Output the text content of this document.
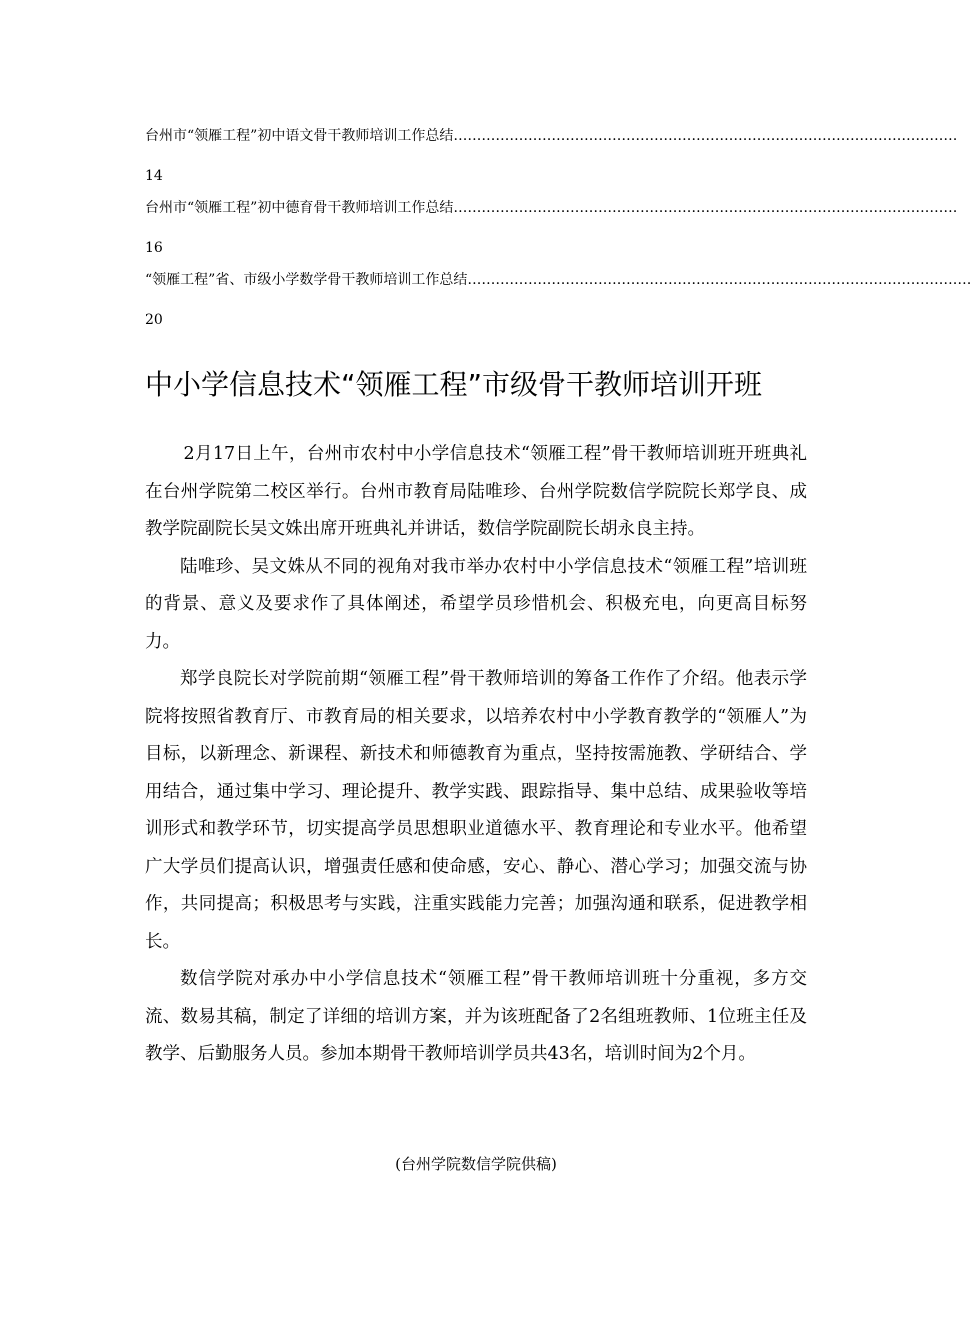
台州市“领雁工程”初中语文骨干教师培训工作总结 ………………………………………………………………………………………………
14
台州市“领雁工程”初中德育骨干教师培训工作总结 ………………………………………………………………………………………………
16
“领雁工程”省、市级小学数学骨干教师培训工作总结 ………………………………………………………………………………………………
20
中小学信息技术“领雁工程”市级骨干教师培训开班

2月17日上午，台州市农村中小学信息技术“领雁工程”骨干教师培训班开班典礼在台州学院第二校区举行。台州市教育局陆唯珍、台州学院数信学院院长郑学良、成教学院副院长吴文姝出席开班典礼并讲话，数信学院副院长胡永良主持。

陆唯珍、吴文姝从不同的视角对我市举办农村中小学信息技术“领雁工程”培训班的背景、意义及要求作了具体阐述，希望学员珍惜机会、积极充电，向更高目标努力。

郑学良院长对学院前期“领雁工程”骨干教师培训的筹备工作作了介绍。他表示学院将按照省教育厅、市教育局的相关要求，以培养农村中小学教育教学的“领雁人”为目标，以新理念、新课程、新技术和师德教育为重点，坚持按需施教、学研结合、学用结合，通过集中学习、理论提升、教学实践、跟踪指导、集中总结、成果验收等培训形式和教学环节，切实提高学员思想职业道德水平、教育理论和专业水平。他希望广大学员们提高认识，增强责任感和使命感，安心、静心、潜心学习；加强交流与协作，共同提高；积极思考与实践，注重实践能力完善；加强沟通和联系，促进教学相长。

数信学院对承办中小学信息技术“领雁工程”骨干教师培训班十分重视，多方交流、数易其稿，制定了详细的培训方案，并为该班配备了2名组班教师、1位班主任及教学、后勤服务人员。参加本期骨干教师培训学员共43名，培训时间为2个月。

(台州学院数信学院供稿)
